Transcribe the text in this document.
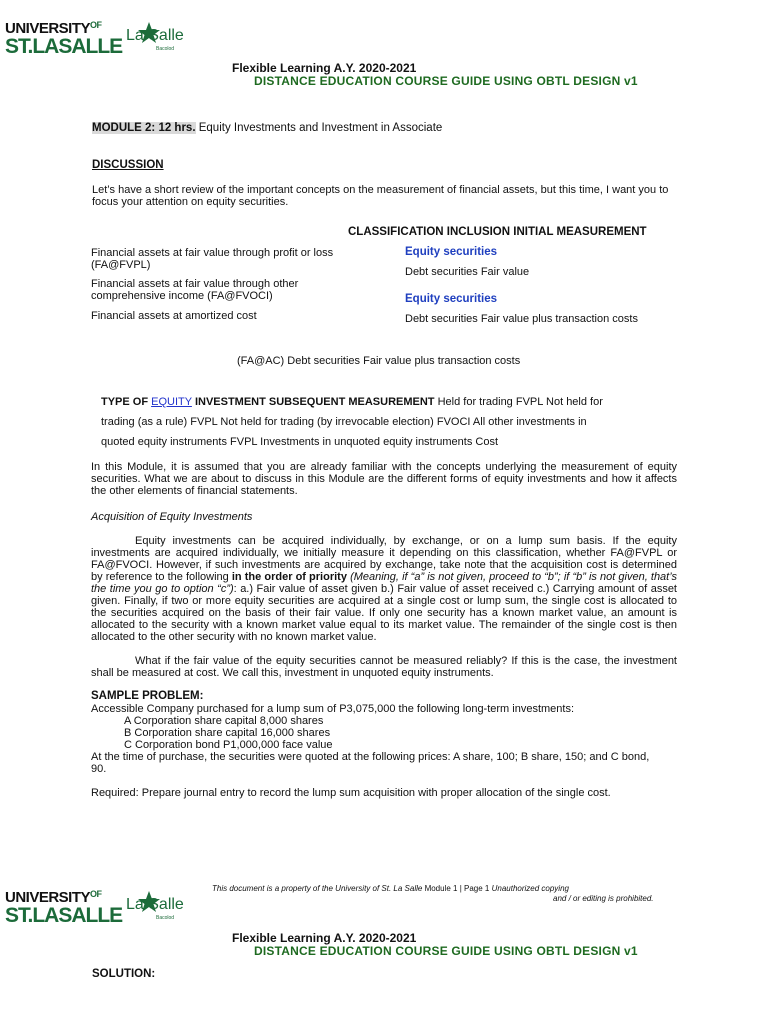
$UNIVERSITY^{OF}$
ST.LASALLE La Salle
Bacolod
Flexible Learning A.Y. 2020-2021
DISTANCE EDUCATION COURSE GUIDE USING OBTL DESIGN v1
MODULE 2: 12 hrs. Equity Investments and Investment in Associate
DISCUSSION
Let’s have a short review of the important concepts on the measurement of financial assets, but this time, I want you to focus your attention on equity securities.
CLASSIFICATION INCLUSION INITIAL MEASUREMENT
Financial assets at fair value through profit or loss (FA@FVPL)
Financial assets at fair value through other comprehensive income (FA@FVOCI)
Financial assets at amortized cost
Equity securities
Debt securities Fair value
Equity securities
Debt securities Fair value plus transaction costs
(FA@AC) Debt securities Fair value plus transaction costs
TYPE OF EQUITY INVESTMENT SUBSEQUENT MEASUREMENT Held for trading FVPL Not held for
trading (as a rule) FVPL Not held for trading (by irrevocable election) FVOCI All other investments in
quoted equity instruments FVPL Investments in unquoted equity instruments Cost
In this Module, it is assumed that you are already familiar with the concepts underlying the measurement of equity securities. What we are about to discuss in this Module are the different forms of equity investments and how it affects the other elements of financial statements.
Acquisition of Equity Investments
Equity investments can be acquired individually, by exchange, or on a lump sum basis. If the equity investments are acquired individually, we initially measure it depending on this classification, whether FA@FVPL or FA@FVOCI. However, if such investments are acquired by exchange, take note that the acquisition cost is determined by reference to the following in the order of priority (Meaning, if “a” is not given, proceed to “b”; if “b” is not given, that’s the time you go to option “c”): a.) Fair value of asset given b.) Fair value of asset received c.) Carrying amount of asset given. Finally, if two or more equity securities are acquired at a single cost or lump sum, the single cost is allocated to the securities acquired on the basis of their fair value. If only one security has a known market value, an amount is allocated to the security with a known market value equal to its market value. The remainder of the single cost is then allocated to the other security with no known market value.
What if the fair value of the equity securities cannot be measured reliably? If this is the case, the investment shall be measured at cost. We call this, investment in unquoted equity instruments.
SAMPLE PROBLEM:
Accessible Company purchased for a lump sum of P3,075,000 the following long-term investments:
A Corporation share capital 8,000 shares
B Corporation share capital 16,000 shares
C Corporation bond P1,000,000 face value
At the time of purchase, the securities were quoted at the following prices: A share, 100; B share, 150; and C bond, 90.
Required: Prepare journal entry to record the lump sum acquisition with proper allocation of the single cost.
This document is a property of the University of St. La Salle Module 1 | Page 1 Unauthorized copying
and / or editing is prohibited.
$UNIVERSITY^{OF}$
ST.LASALLE La Salle
Bacolod
Flexible Learning A.Y. 2020-2021
DISTANCE EDUCATION COURSE GUIDE USING OBTL DESIGN v1
SOLUTION:
